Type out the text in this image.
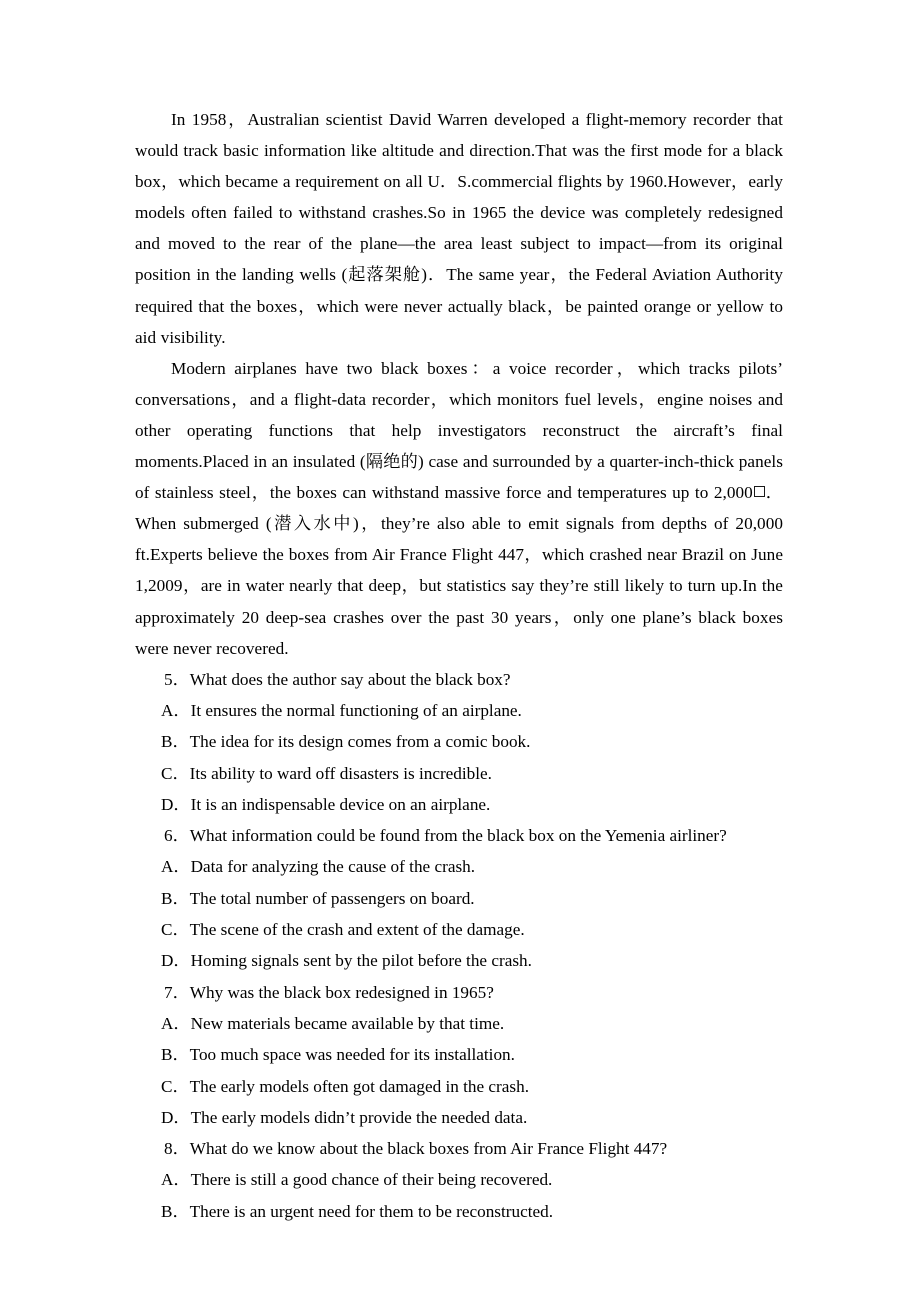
In 1958，Australian scientist David Warren developed a flight-memory recorder that would track basic information like altitude and direction.That was the first mode for a black box，which became a requirement on all U．S.commercial flights by 1960.However，early models often failed to withstand crashes.So in 1965 the device was completely redesigned and moved to the rear of the plane—the area least subject to impact—from its original position in the landing wells (起落架舱)．The same year，the Federal Aviation Authority required that the boxes，which were never actually black，be painted orange or yellow to aid visibility.

Modern airplanes have two black boxes：a voice recorder，which tracks pilots’ conversations，and a flight-data recorder，which monitors fuel levels，engine noises and other operating functions that help investigators reconstruct the aircraft’s final moments.Placed in an insulated (隔绝的) case and surrounded by a quarter-inch-thick panels of stainless steel，the boxes can withstand massive force and temperatures up to 2,000 ．When submerged (潜入水中)，they’re also able to emit signals from depths of 20,000 ft.Experts believe the boxes from Air France Flight 447，which crashed near Brazil on June 1,2009，are in water nearly that deep，but statistics say they’re still likely to turn up.In the approximately 20 deep-sea crashes over the past 30 years，only one plane’s black boxes were never recovered.

5．What does the author say about the black box?
A．It ensures the normal functioning of an airplane.
B．The idea for its design comes from a comic book.
C．Its ability to ward off disasters is incredible.
D．It is an indispensable device on an airplane.
6．What information could be found from the black box on the Yemenia airliner?
A．Data for analyzing the cause of the crash.
B．The total number of passengers on board.
C．The scene of the crash and extent of the damage.
D．Homing signals sent by the pilot before the crash.
7．Why was the black box redesigned in 1965?
A．New materials became available by that time.
B．Too much space was needed for its installation.
C．The early models often got damaged in the crash.
D．The early models didn’t provide the needed data.
8．What do we know about the black boxes from Air France Flight 447?
A．There is still a good chance of their being recovered.
B．There is an urgent need for them to be reconstructed.
